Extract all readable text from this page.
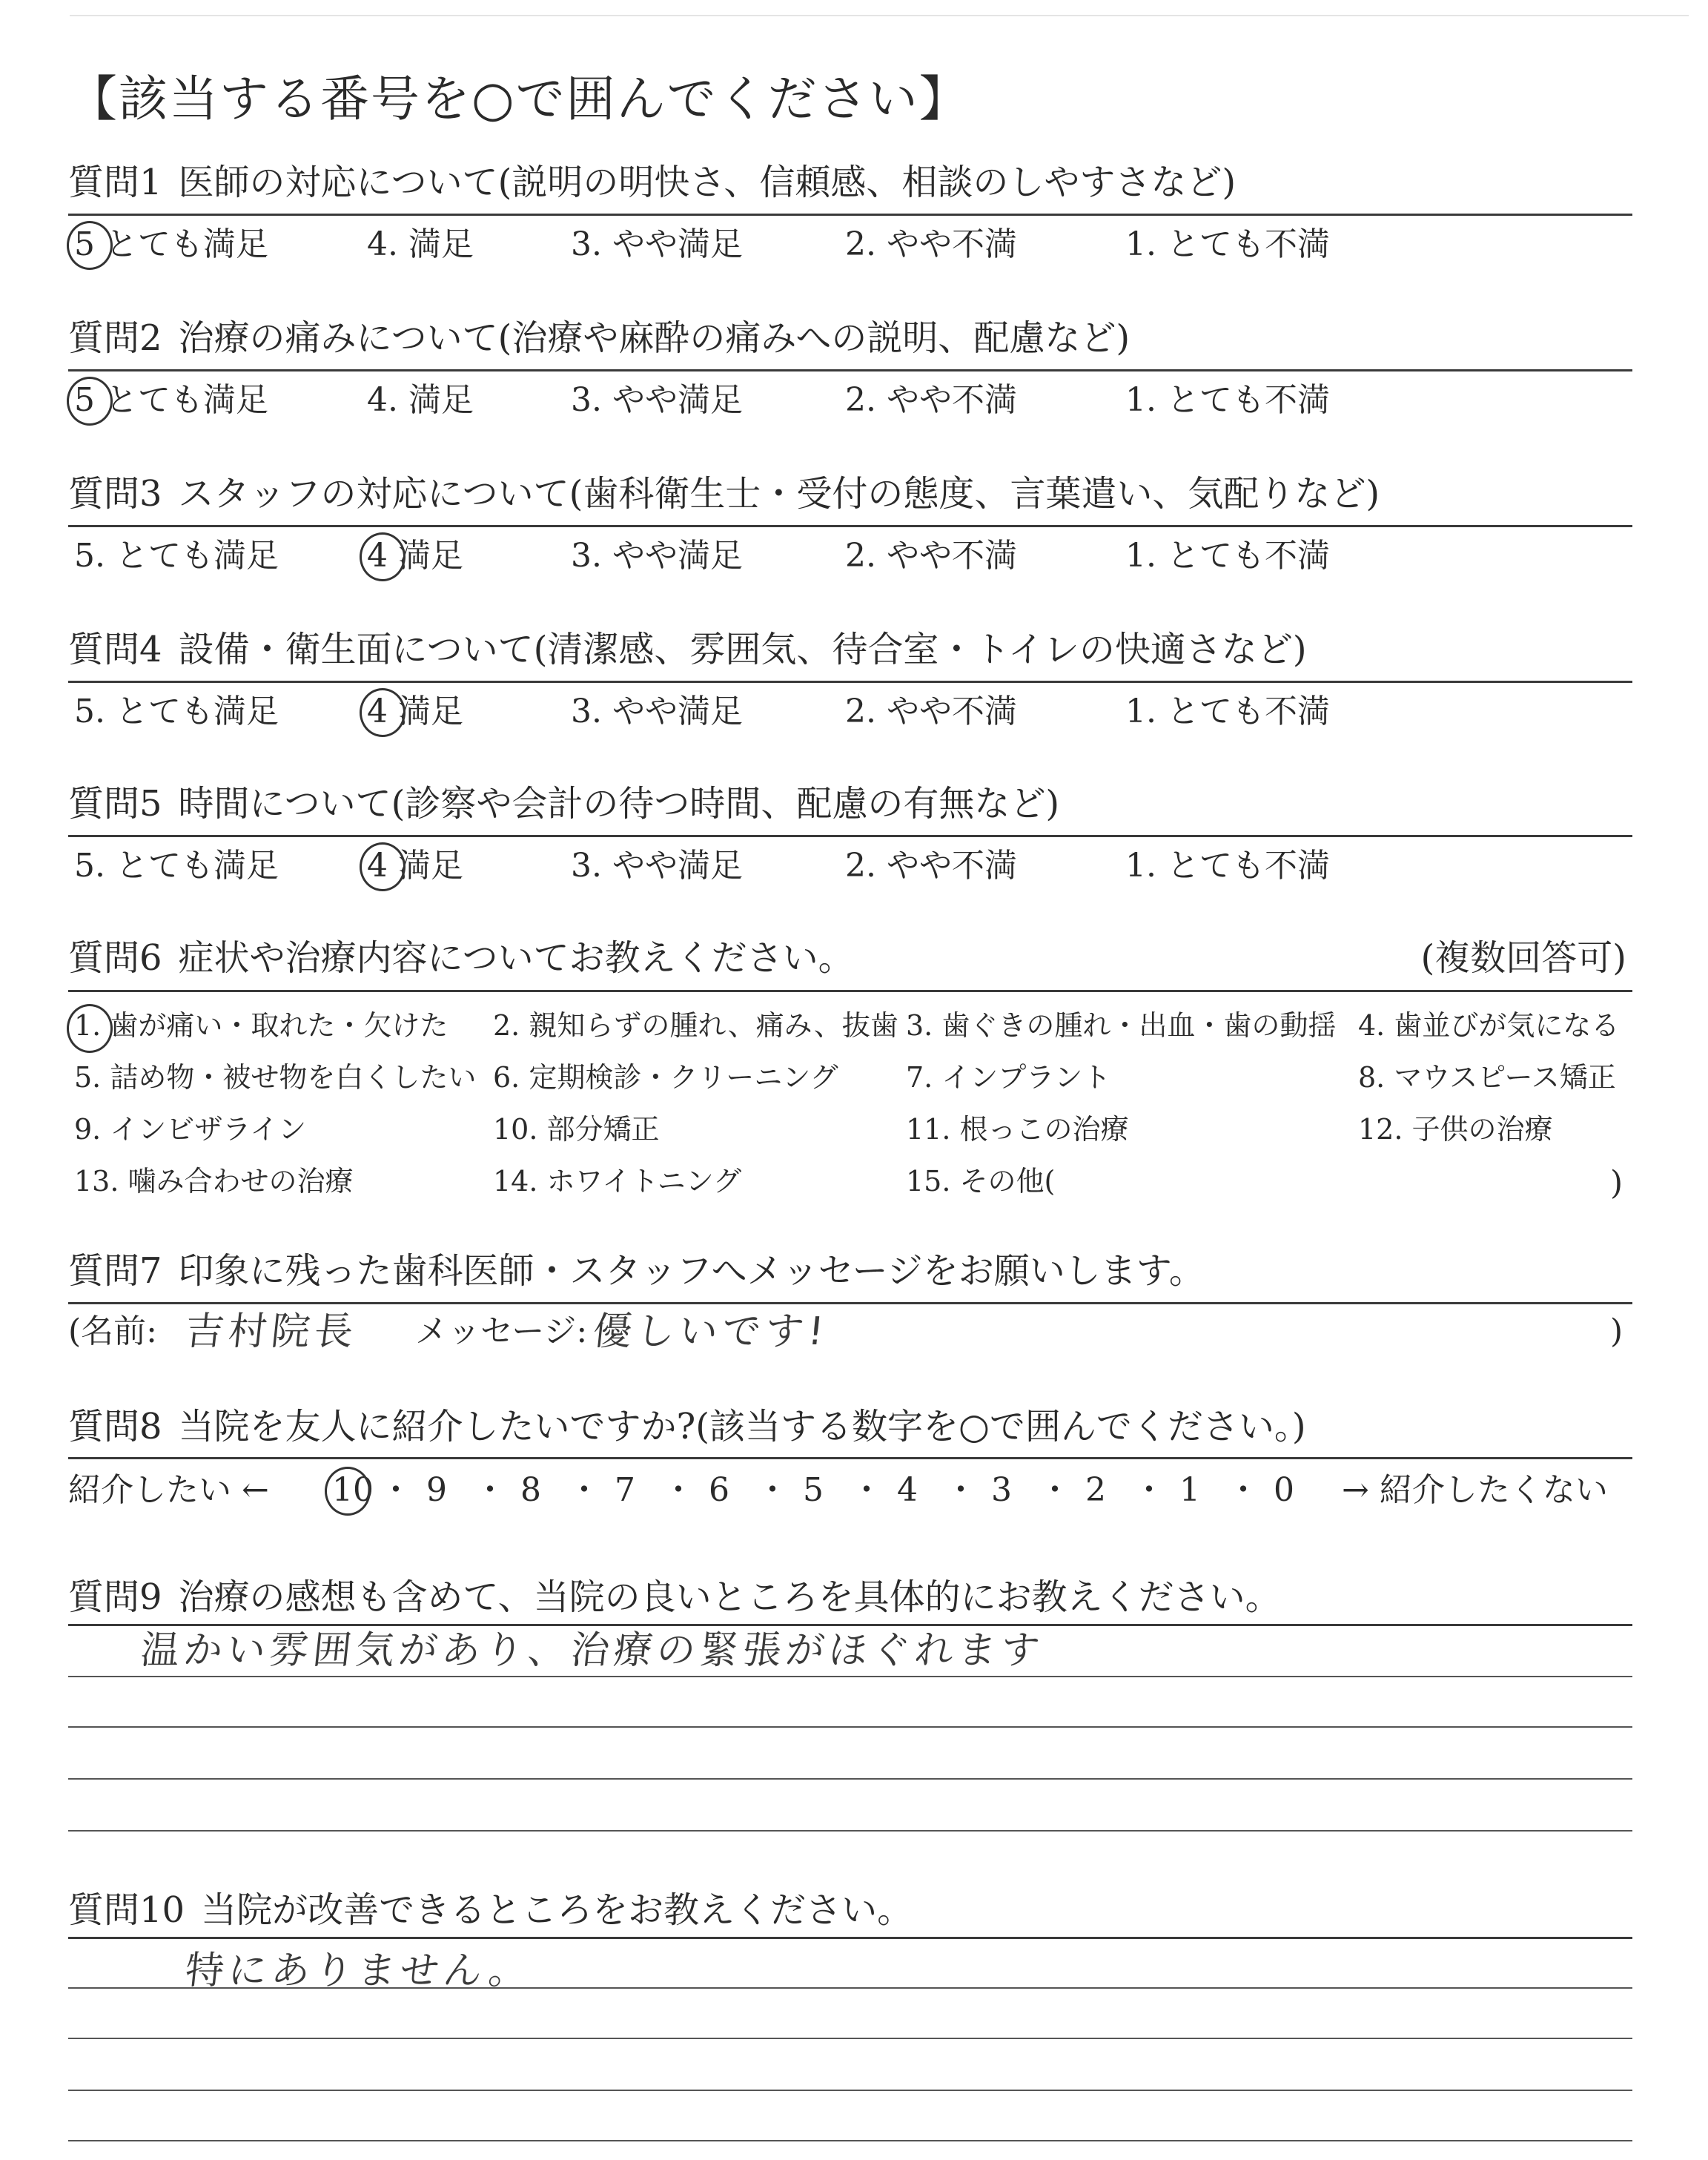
【該当する番号を○で囲んでください】
質問1 医師の対応について(説明の明快さ、信頼感、相談のしやすさなど)
5 とても満足	4. 満足	3. やや満足	2. やや不満	1. とても不満
質問2 治療の痛みについて(治療や麻酔の痛みへの説明、配慮など)
5 とても満足	4. 満足	3. やや満足	2. やや不満	1. とても不満
質問3 スタッフの対応について(歯科衛生士・受付の態度、言葉遣い、気配りなど)
5. とても満足	4 満足	3. やや満足	2. やや不満	1. とても不満
質問4 設備・衛生面について(清潔感、雰囲気、待合室・トイレの快適さなど)
5. とても満足	4 満足	3. やや満足	2. やや不満	1. とても不満
質問5 時間について(診察や会計の待つ時間、配慮の有無など)
5. とても満足	4 満足	3. やや満足	2. やや不満	1. とても不満
質問6 症状や治療内容についてお教えください。	(複数回答可)
1. 歯が痛い・取れた・欠けた 2. 親知らずの腫れ、痛み、抜歯 3. 歯ぐきの腫れ・出血・歯の動揺 4. 歯並びが気になる
5. 詰め物・被せ物を白くしたい 6. 定期検診・クリーニング 7. インプラント	8. マウスピース矯正
9. インビザライン	10. 部分矯正	11. 根っこの治療	12. 子供の治療
13. 噛み合わせの治療	14. ホワイトニング	15. その他(	)
質問7 印象に残った歯科医師・スタッフへメッセージをお願いします。
(名前: 吉村院長 メッセージ: 優しいです!	)
質問8 当院を友人に紹介したいですか?(該当する数字を○で囲んでください。)
紹介したい ← 10 ・ 9 ・ 8 ・ 7 ・ 6 ・ 5 ・ 4 ・ 3 ・ 2 ・ 1 ・ 0 → 紹介したくない
質問9 治療の感想も含めて、当院の良いところを具体的にお教えください。
温かい雰囲気があり、治療の緊張がほぐれます
質問10 当院が改善できるところをお教えください。
特にありません。
